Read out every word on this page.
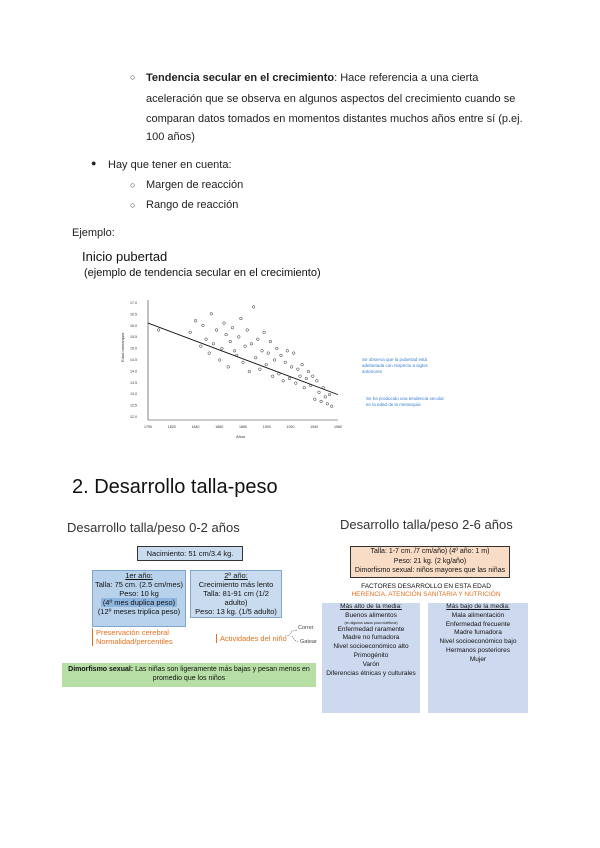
○ Tendencia secular en el crecimiento: Hace referencia a una cierta
aceleración que se observa en algunos aspectos del crecimiento cuando se
comparan datos tomados en momentos distantes muchos años entre sí (p.ej.
100 años)
● Hay que tener en cuenta:
○ Margen de reacción
○ Rango de reacción
Ejemplo:
Inicio pubertad
(ejemplo de tendencia secular en el crecimiento)
Edad menarquia
Años
17.0
16.5
16.0
15.5
15.0
14.5
14.0
13.5
13.0
12.5
12.0
1790	1820	1840	1860	1880	1900	1920	1940	1960
Se observa que la pubertad está adelantada con respecto a siglos anteriores
Se ha producido una tendencia secular en la edad de la menarquia
2. Desarrollo talla-peso
Desarrollo talla/peso 0-2 años
Nacimiento: 51 cm/3.4 kg.
1er año:
Talla: 75 cm. (2.5 cm/mes)
Peso: 10 kg
(4º mes duplica peso)
(12º meses triplica peso)
2º año:
Crecimiento más lento
Talla: 81-91 cm (1/2 adulto)
Peso: 13 kg. (1/5 adulto)
Preservación cerebral
Normalidad/percentiles	Actividades del niño
Correr
Gatear
Dimorfismo sexual: Las niñas son ligeramente más bajas y pesan menos en promedio que los niños
Desarrollo talla/peso 2-6 años
Talla: 1-7 cm. /7 cm/año) (4º año: 1 m)
Peso: 21 kg. (2 kg/año)
Dimorfismo sexual: niños mayores que las niñas
FACTORES DESARROLLO EN ESTA EDAD
HERENCIA, ATENCIÓN SANITARIA Y NUTRICIÓN
Más alto de la media:
Buenos alimentos
(en algunos casos poco nutritivos)
Enfermedad raramente
Madre no fumadora
Nivel socioeconómico alto
Primogénito
Varón
Diferencias étnicas y culturales
Más bajo de la media:
Mala alimentación
Enfermedad frecuente
Madre fumadora
Nivel socioeconómico bajo
Hermanos posteriores
Mujer
